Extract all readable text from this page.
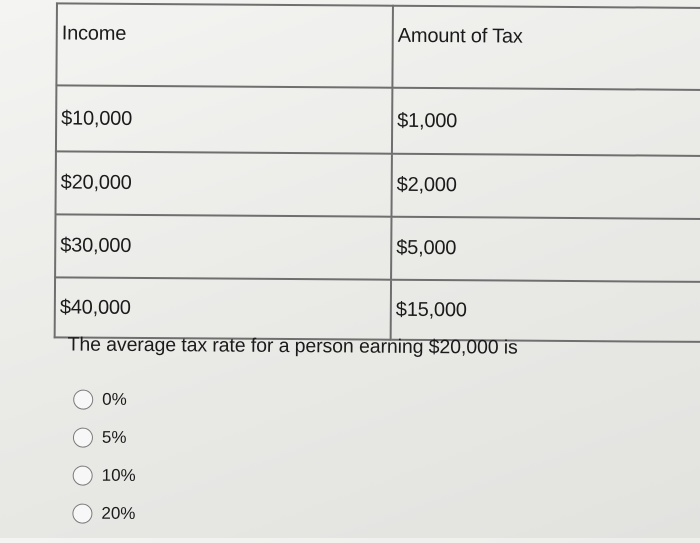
Income	Amount of Tax
$10,000	$1,000
$20,000	$2,000
$30,000	$5,000
$40,000	$15,000
The average tax rate for a person earning $20,000 is
0%
5%
10%
20%
